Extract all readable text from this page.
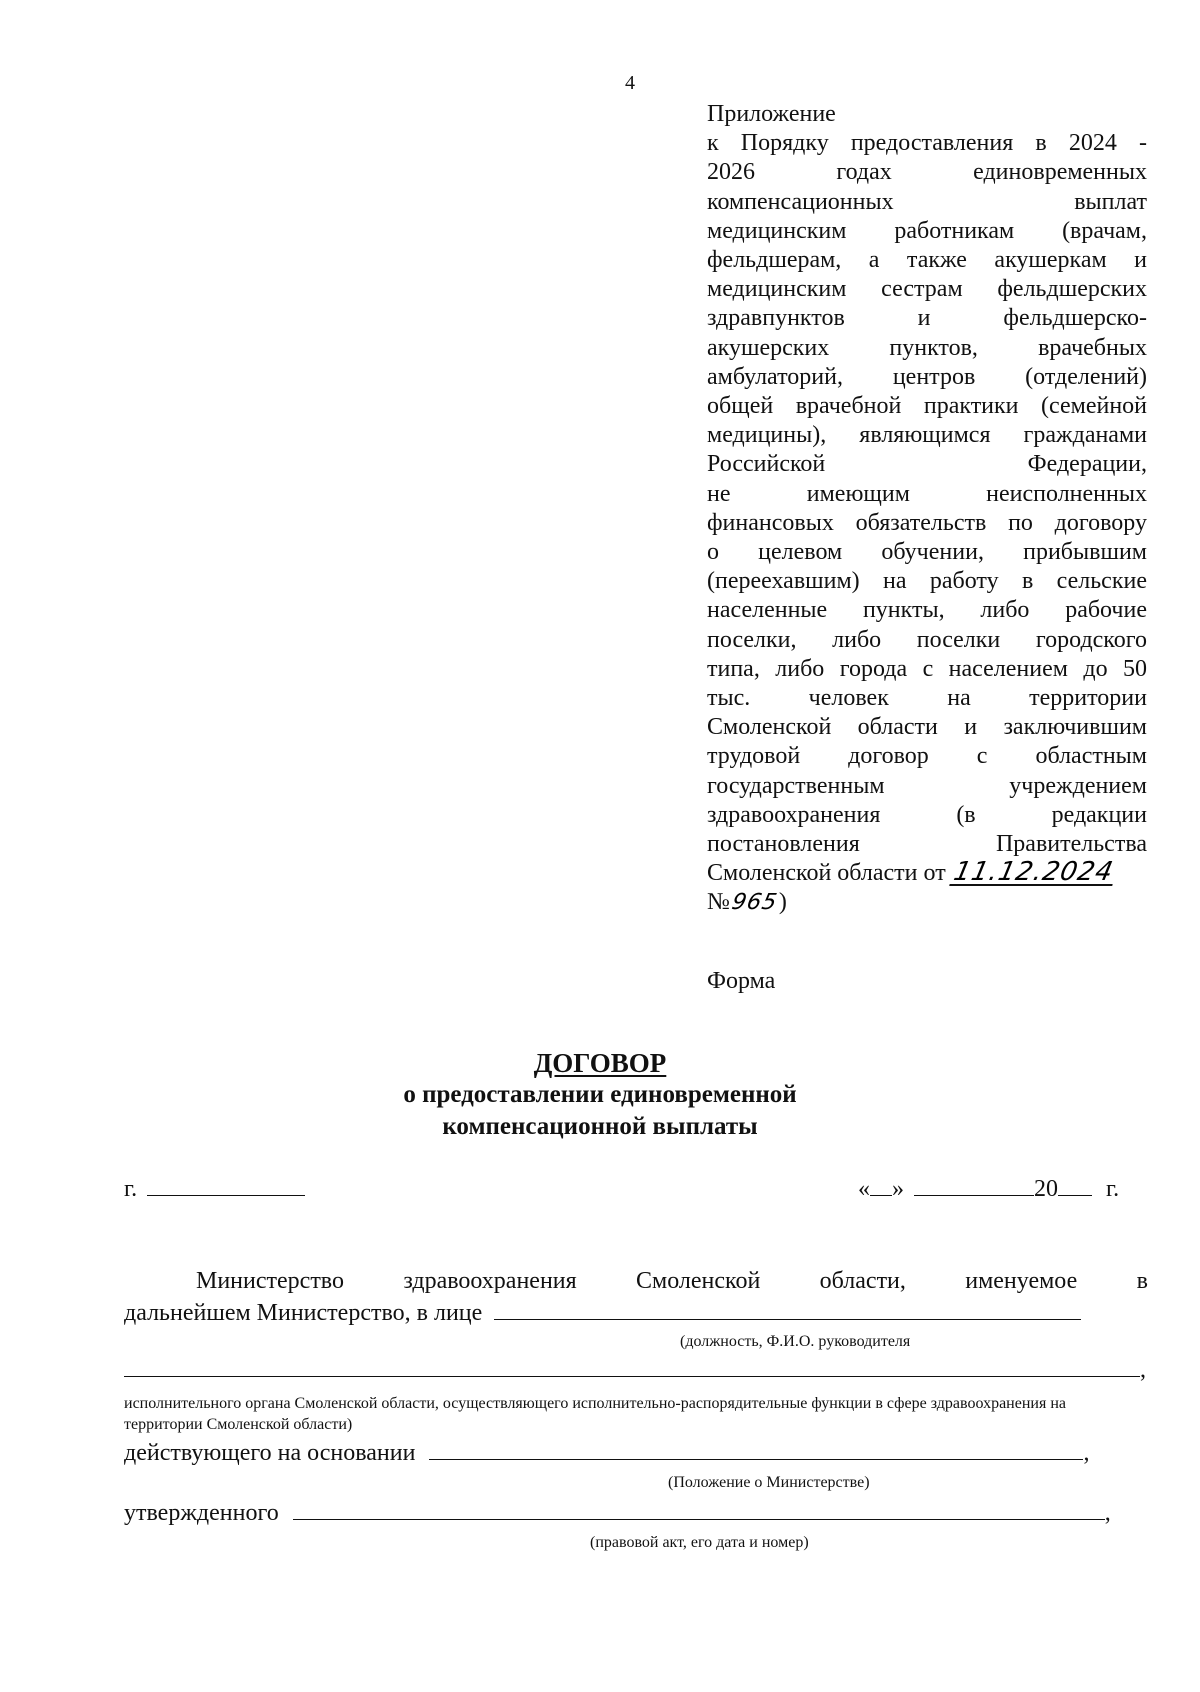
4
Приложение
к Порядку предоставления в 2024 -
2026 годах единовременных
компенсационных выплат
медицинским работникам (врачам,
фельдшерам, а также акушеркам и
медицинским сестрам фельдшерских
здравпунктов и фельдшерско-
акушерских пунктов, врачебных
амбулаторий, центров (отделений)
общей врачебной практики (семейной
медицины), являющимся гражданами
Российской Федерации,
не имеющим неисполненных
финансовых обязательств по договору
о целевом обучении, прибывшим
(переехавшим) на работу в сельские
населенные пункты, либо рабочие
поселки, либо поселки городского
типа, либо города с населением до 50
тыс. человек на территории
Смоленской области и заключившим
трудовой договор с областным
государственным учреждением
здравоохранения (в редакции
постановления Правительства
Смоленской области от 11.12.2024
№965)
Форма
ДОГОВОР
о предоставлении единовременной
компенсационной выплаты
г.	« »	20 г.
Министерство здравоохранения Смоленской области, именуемое в
дальнейшем Министерство, в лице
(должность, Ф.И.О. руководителя
,
исполнительного органа Смоленской области, осуществляющего исполнительно-распорядительные функции в сфере здравоохранения на территории Смоленской области)
действующего на основании	,
(Положение о Министерстве)
утвержденного	,
(правовой акт, его дата и номер)
